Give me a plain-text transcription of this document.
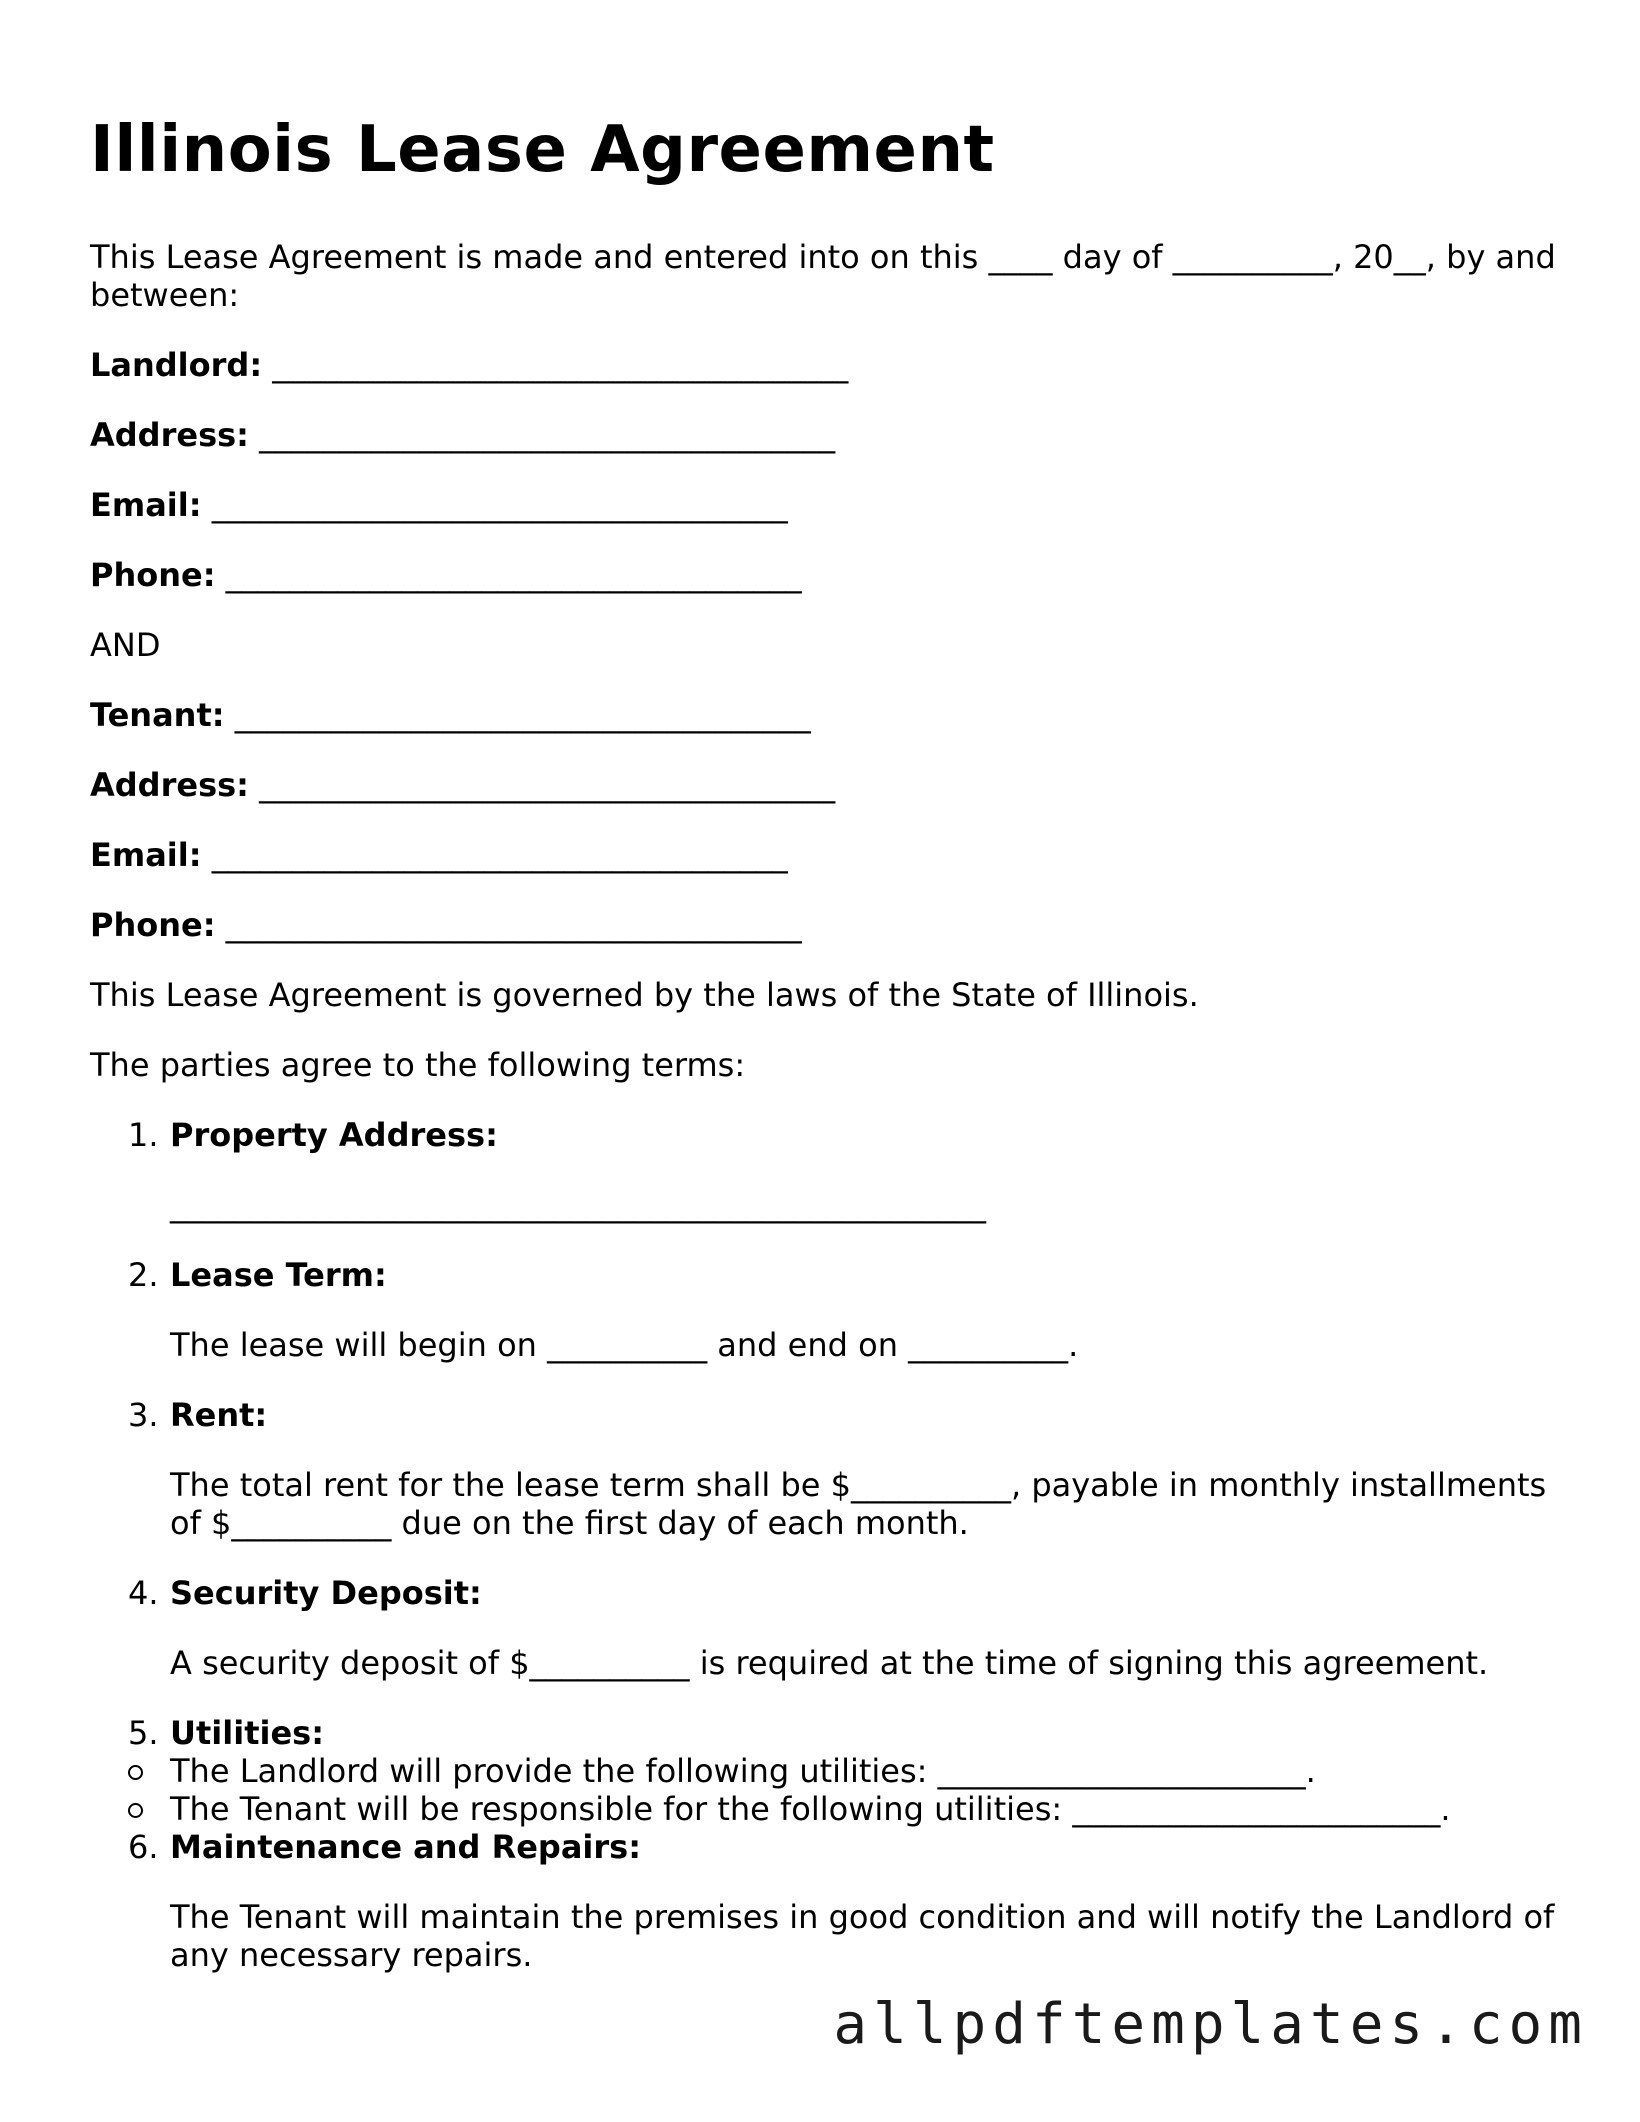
Illinois Lease Agreement

This Lease Agreement is made and entered into on this ____ day of __________, 20__, by and between:

Landlord: ____________________________________

Address: ____________________________________

Email: ____________________________________

Phone: ____________________________________

AND

Tenant: ____________________________________

Address: ____________________________________

Email: ____________________________________

Phone: ____________________________________

This Lease Agreement is governed by the laws of the State of Illinois.

The parties agree to the following terms:

1. Property Address:

___________________________________________________

2. Lease Term:

The lease will begin on __________ and end on __________.

3. Rent:

The total rent for the lease term shall be $__________, payable in monthly installments of $__________ due on the first day of each month.

4. Security Deposit:

A security deposit of $__________ is required at the time of signing this agreement.

5. Utilities:
The Landlord will provide the following utilities: _______________________.
The Tenant will be responsible for the following utilities: _______________________.
6. Maintenance and Repairs:

The Tenant will maintain the premises in good condition and will notify the Landlord of any necessary repairs.

allpdftemplates.com
